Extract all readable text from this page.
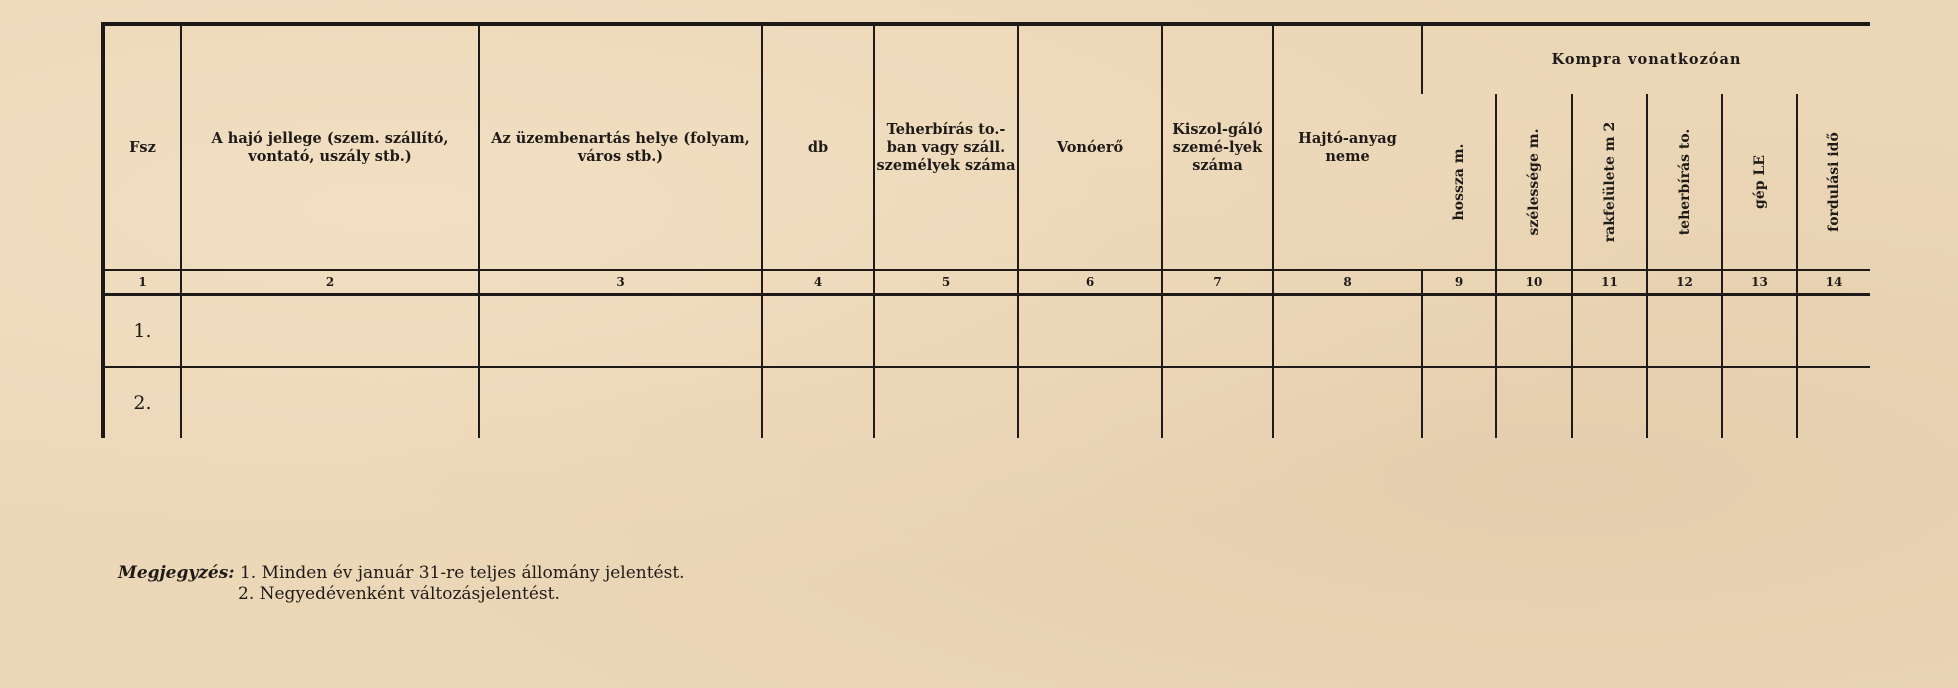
Fsz	A hajó jellege (szem. szállító, vontató, uszály stb.)	Az üzembenartás helye (folyam, város stb.)	db	Teherbírás to.-ban vagy száll. személyek száma	Vonóerő	Kiszol-gáló szemé-lyek száma	Hajtó-anyag neme	Kompra vonatkozóan					

								hossza m.	szélessége m.	rakfelülete m 2	teherbírás to.	gép LE	fordulási idő

1	2	3	4	5	6	7	8	9	10	11	12	13	14
1.													
2.													
Megjegyzés: 1. Minden év január 31-re teljes állomány jelentést.
2. Negyedévenként változásjelentést.
